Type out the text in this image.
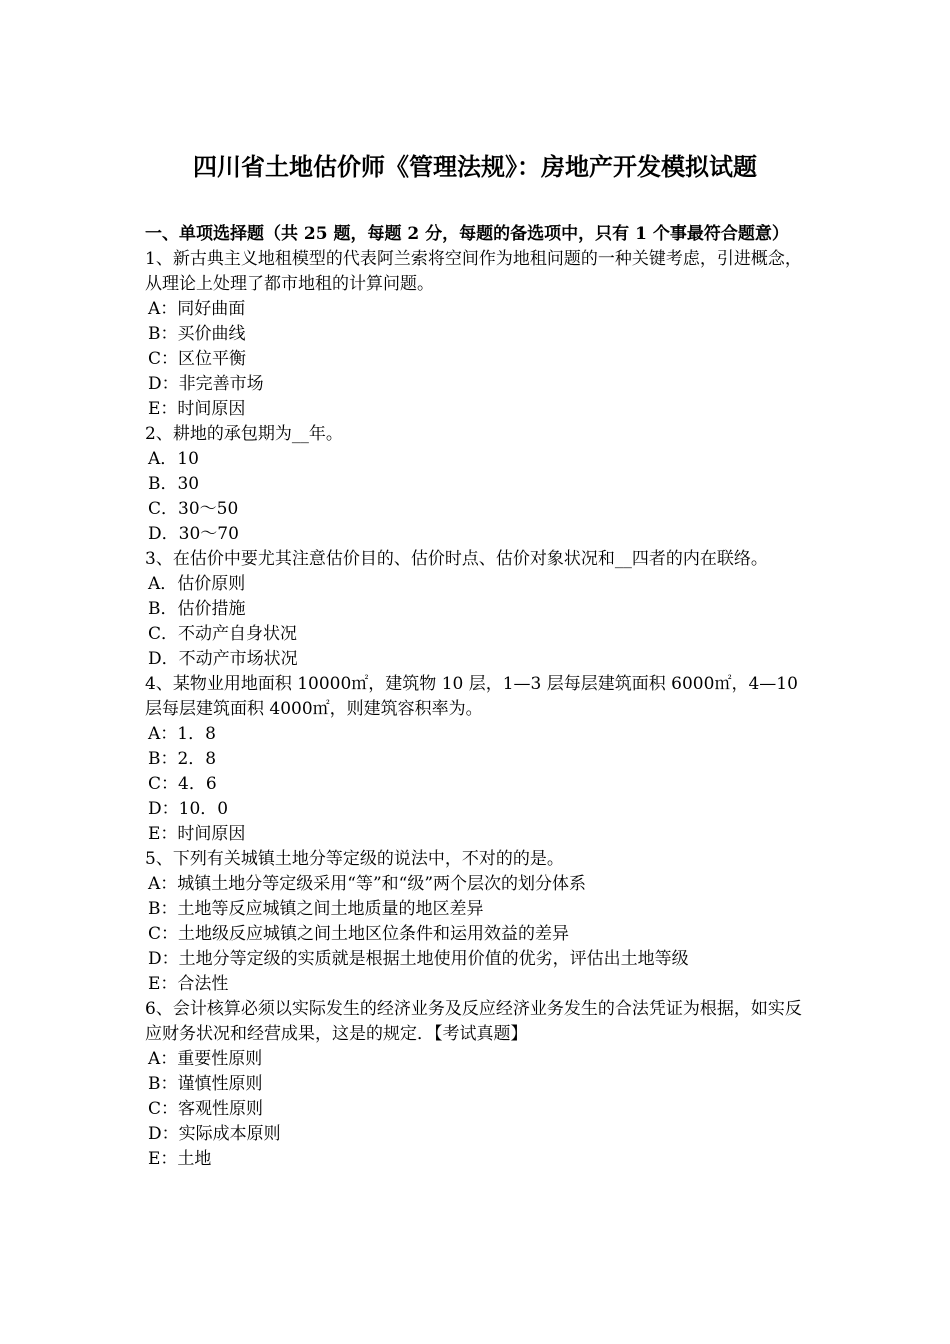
四川省土地估价师《管理法规》：房地产开发模拟试题

一、单项选择题（共 25 题，每题 2 分，每题的备选项中，只有 1 个事最符合题意）

1、新古典主义地租模型的代表阿兰索将空间作为地租问题的一种关键考虑，引进概念，从理论上处理了都市地租的计算问题。

A：同好曲面

B：买价曲线

C：区位平衡

D：非完善市场

E：时间原因

2、耕地的承包期为__年。

A．10

B．30

C．30～50

D．30～70

3、在估价中要尤其注意估价目的、估价时点、估价对象状况和__四者的内在联络。

A．估价原则

B．估价措施

C．不动产自身状况

D．不动产市场状况

4、某物业用地面积 10000㎡，建筑物 10 层，1—3 层每层建筑面积 6000㎡，4—10 层每层建筑面积 4000㎡，则建筑容积率为。

A：1．8

B：2．8

C：4．6

D：10．0

E：时间原因

5、下列有关城镇土地分等定级的说法中，不对的的是。

A：城镇土地分等定级采用“等”和“级”两个层次的划分体系

B：土地等反应城镇之间土地质量的地区差异

C：土地级反应城镇之间土地区位条件和运用效益的差异

D：土地分等定级的实质就是根据土地使用价值的优劣，评估出土地等级

E：合法性

6、会计核算必须以实际发生的经济业务及反应经济业务发生的合法凭证为根据，如实反应财务状况和经营成果，这是的规定．【考试真题】

A：重要性原则

B：谨慎性原则

C：客观性原则

D：实际成本原则

E：土地
